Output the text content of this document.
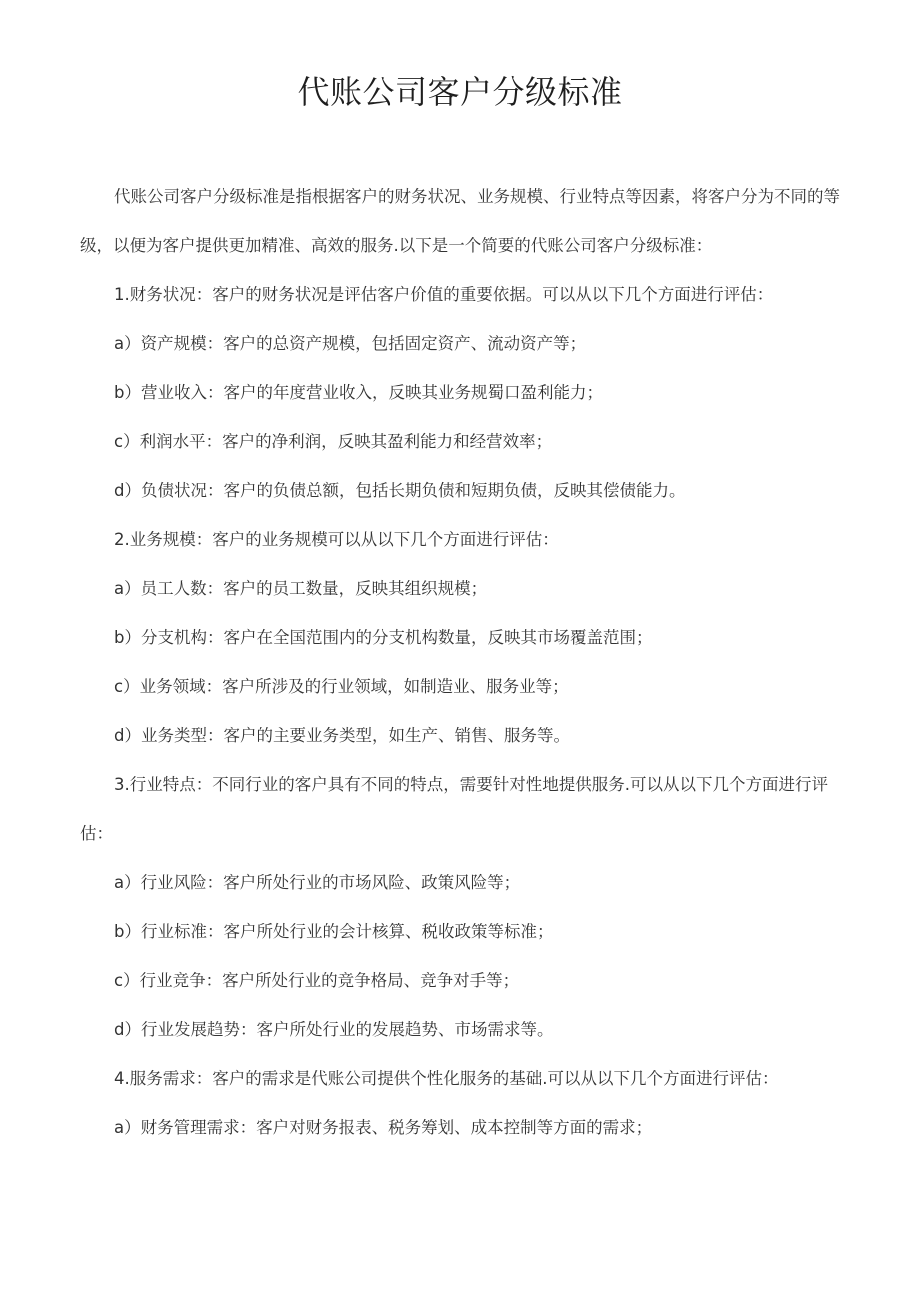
代账公司客户分级标准

代账公司客户分级标准是指根据客户的财务状况、业务规模、行业特点等因素，将客户分为不同的等级，以便为客户提供更加精准、高效的服务.以下是一个简要的代账公司客户分级标准：

1.财务状况：客户的财务状况是评估客户价值的重要依据。可以从以下几个方面进行评估：

a）资产规模：客户的总资产规模，包括固定资产、流动资产等；

b）营业收入：客户的年度营业收入，反映其业务规蜀口盈利能力；

c）利润水平：客户的净利润，反映其盈利能力和经营效率；

d）负债状况：客户的负债总额，包括长期负债和短期负债，反映其偿债能力。

2.业务规模：客户的业务规模可以从以下几个方面进行评估：

a）员工人数：客户的员工数量，反映其组织规模；

b）分支机构：客户在全国范围内的分支机构数量，反映其市场覆盖范围；

c）业务领域：客户所涉及的行业领域，如制造业、服务业等；

d）业务类型：客户的主要业务类型，如生产、销售、服务等。

3.行业特点：不同行业的客户具有不同的特点，需要针对性地提供服务.可以从以下几个方面进行评估：

a）行业风险：客户所处行业的市场风险、政策风险等；

b）行业标准：客户所处行业的会计核算、税收政策等标准；

c）行业竞争：客户所处行业的竞争格局、竞争对手等；

d）行业发展趋势：客户所处行业的发展趋势、市场需求等。

4.服务需求：客户的需求是代账公司提供个性化服务的基础.可以从以下几个方面进行评估：

a）财务管理需求：客户对财务报表、税务筹划、成本控制等方面的需求；
